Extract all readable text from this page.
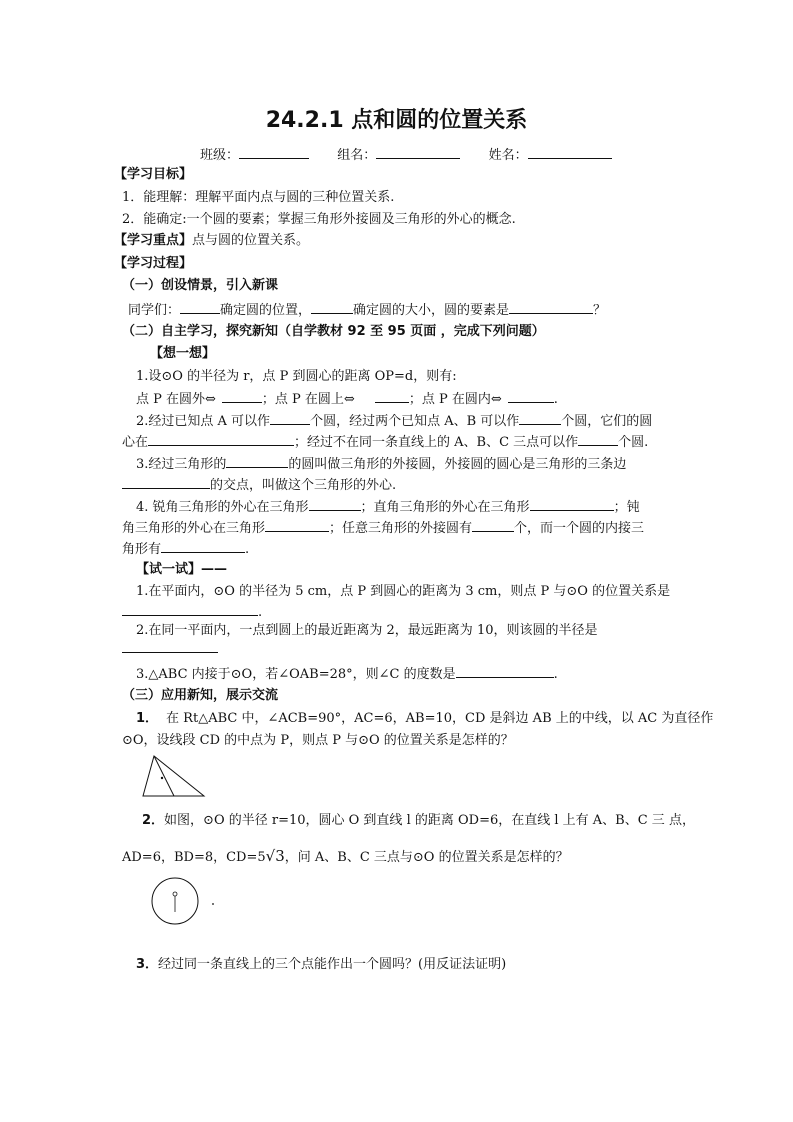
24.2.1 点和圆的位置关系
班级：	组名：	姓名：
【学习目标】
1．能理解：理解平面内点与圆的三种位置关系.
2．能确定:一个圆的要素；掌握三角形外接圆及三角形的外心的概念.
【学习重点】点与圆的位置关系。
【学习过程】
（一）创设情景，引入新课
同学们：	确定圆的位置，	确定圆的大小，圆的要素是	？
（二）自主学习，探究新知（自学教材 92 至 95 页面 ，完成下列问题）
【想一想】
1.设⊙O 的半径为 r，点 P 到圆心的距离 OP=d，则有:
点 P 在圆外⇔	；点 P 在圆上⇔	；点 P 在圆内⇔	.
2.经过已知点 A 可以作	个圆，经过两个已知点 A、B 可以作	个圆，它们的圆
心在	；经过不在同一条直线上的 A、B、C 三点可以作	个圆.
3.经过三角形的	的圆叫做三角形的外接圆，外接圆的圆心是三角形的三条边
的交点，叫做这个三角形的外心.
4. 锐角三角形的外心在三角形	；直角三角形的外心在三角形	；钝
角三角形的外心在三角形	；任意三角形的外接圆有	个，而一个圆的内接三
角形有	.
【试一试】——
1.在平面内，⊙O 的半径为 5 cm，点 P 到圆心的距离为 3 cm，则点 P 与⊙O 的位置关系是
.
2.在同一平面内，一点到圆上的最近距离为 2，最远距离为 10，则该圆的半径是
3.△ABC 内接于⊙O，若∠OAB=28°，则∠C 的度数是	.
（三）应用新知，展示交流
1． 在 Rt△ABC 中，∠ACB=90°，AC=6，AB=10，CD 是斜边 AB 上的中线，以 AC 为直径作
⊙O，设线段 CD 的中点为 P，则点 P 与⊙O 的位置关系是怎样的？
2．如图，⊙O 的半径 r=10，圆心 O 到直线 l 的距离 OD=6，在直线 l 上有 A、B、C 三 点，
AD=6，BD=8，CD=5√3，问 A、B、C 三点与⊙O 的位置关系是怎样的？
3．经过同一条直线上的三个点能作出一个圆吗？(用反证法证明)
